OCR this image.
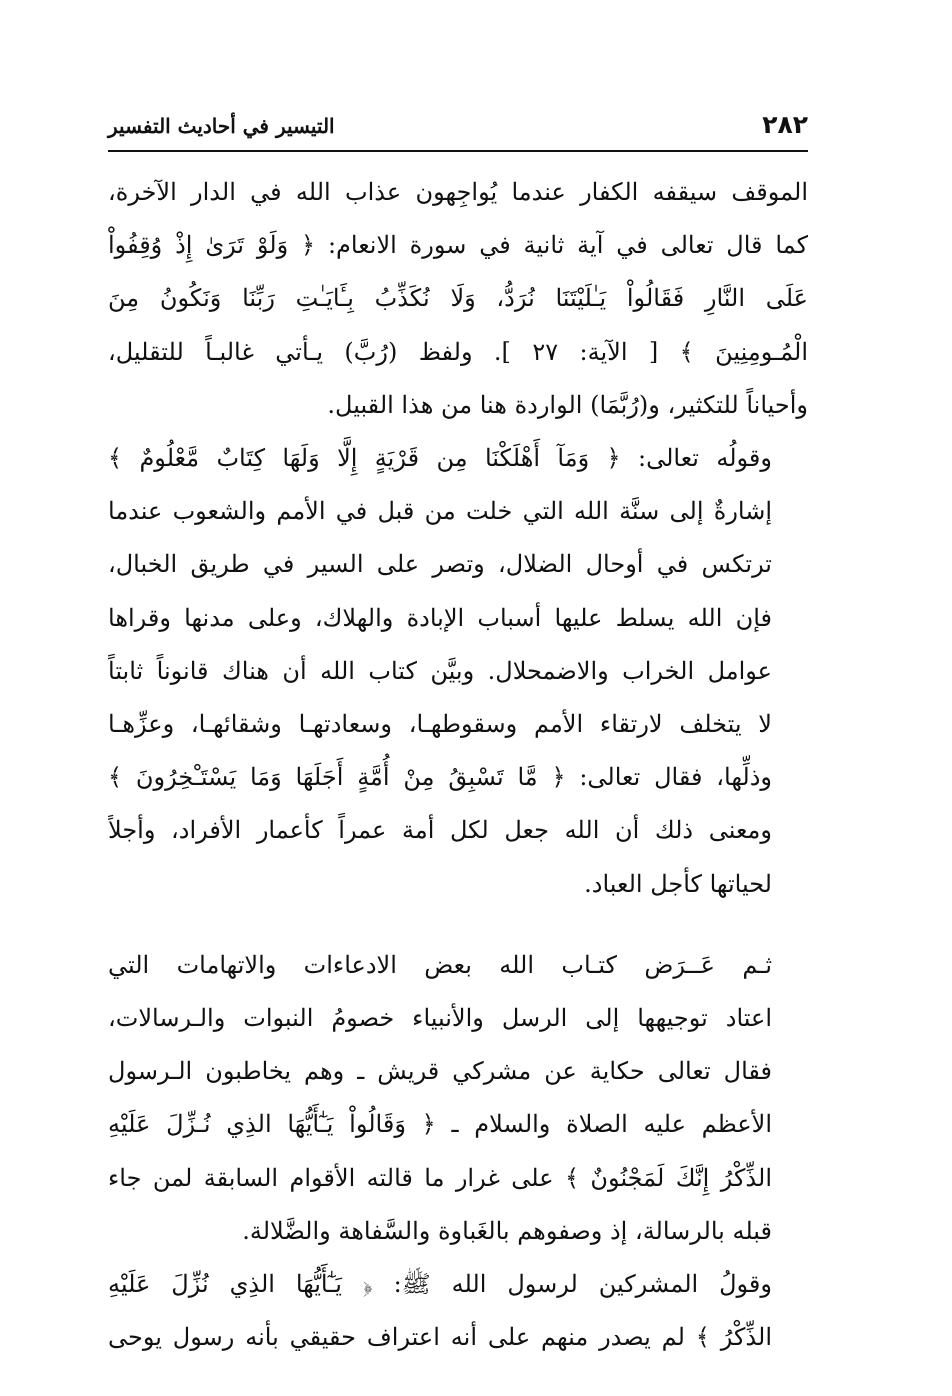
٢٨٢
التيسير في أحاديث التفسير

الموقف سيقفه الكفار عندما يُواجِهون عذاب الله في الدار الآخرة،
كما قال تعالى في آية ثانية في سورة الانعام: ﴿ وَلَوْ تَرَىٰ إِذْ وُقِفُواْ
عَلَى النَّارِ فَقَالُواْ يَـٰلَيْتَنَا نُرَدُّ، وَلَا نُكَذِّبُ بِـَٔايَـٰتِ رَبِّنَا وَنَكُونُ مِنَ
الْمُـومِنِينَ ﴾ [ الآية: ٢٧ ]. ولفظ (رُبَّ) يـأتي غالبـاً للتقليل،
وأحياناً للتكثير، و(رُبَّمَا) الواردة هنا من هذا القبيل.

وقولُه تعالى: ﴿ وَمَآ أَهْلَكْنَا مِن قَرْيَةٍ إِلَّا وَلَهَا كِتَابٌ مَّعْلُومٌ ﴾
إشارةٌ إلى سنَّة الله التي خلت من قبل في الأمم والشعوب عندما
ترتكس في أوحال الضلال، وتصر على السير في طريق الخبال،
فإن الله يسلط عليها أسباب الإبادة والهلاك، وعلى مدنها وقراها
عوامل الخراب والاضمحلال. وبيَّن كتاب الله أن هناك قانوناً ثابتاً
لا يتخلف لارتقاء الأمم وسقوطهـا، وسعادتهـا وشقائهـا، وعزِّهـا
وذلِّها، فقال تعالى: ﴿ مَّا تَسْبِقُ مِنْ أُمَّةٍ أَجَلَهَا وَمَا يَسْتَـْخِرُونَ ﴾
ومعنى ذلك أن الله جعل لكل أمة عمراً كأعمار الأفراد، وأجلاً
لحياتها كأجل العباد.

ثـم عَــرَض كتـاب الله بعض الادعاءات والاتهامات التي
اعتاد توجيهها إلى الرسل والأنبياء خصومُ النبوات والـرسالات،
فقال تعالى حكاية عن مشركي قريش ـ وهم يخاطبون الـرسول
الأعظم عليه الصلاة والسلام ـ ﴿ وَقَالُواْ يَـٰٓأَيُّهَا الذِي نُـزِّلَ عَلَيْهِ
الذِّكْرُ إِنَّكَ لَمَجْنُونٌ ﴾ على غرار ما قالته الأقوام السابقة لمن جاء
قبله بالرسالة، إذ وصفوهم بالغَباوة والسَّفاهة والضَّلالة.

وقولُ المشركين لرسول الله ﷺ: ﴿ يَـٰٓأَيُّهَا الذِي نُزِّلَ عَلَيْهِ
الذِّكْرُ ﴾ لم يصدر منهم على أنه اعتراف حقيقي بأنه رسول يوحى
